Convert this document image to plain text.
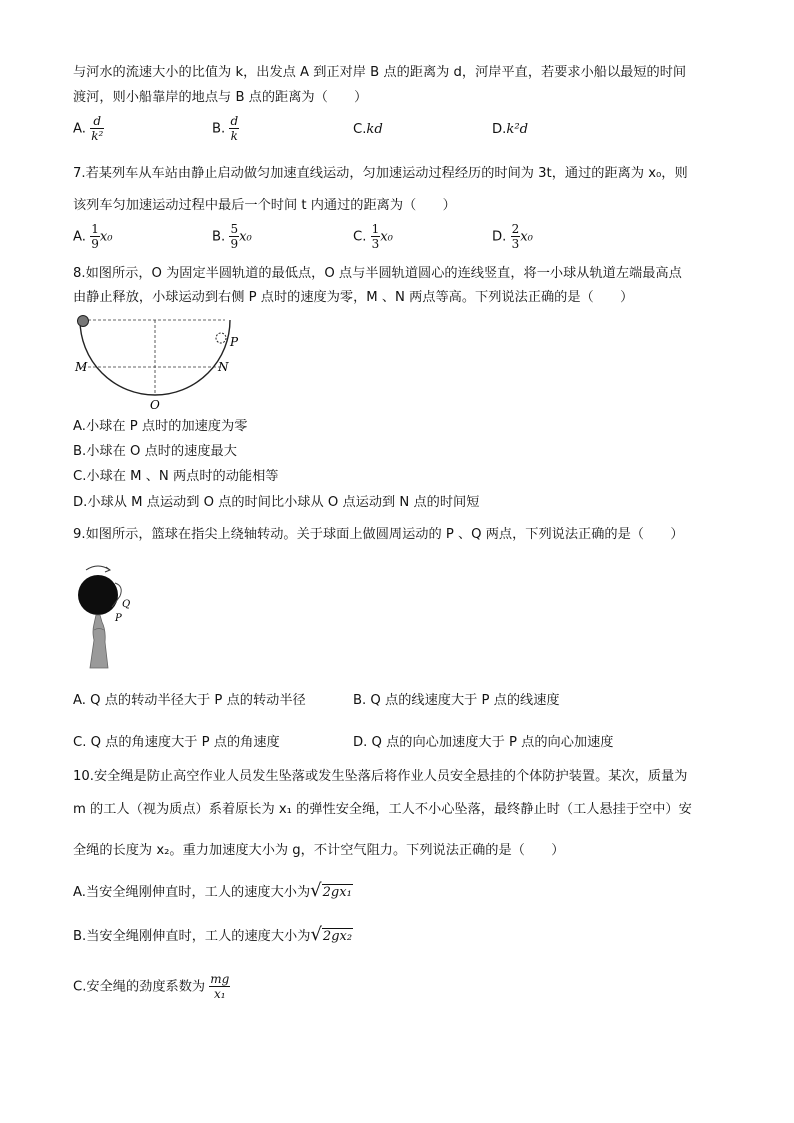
与河水的流速大小的比值为 k，出发点 A 到正对岸 B 点的距离为 d，河岸平直，若要求小船以最短的时间
渡河，则小船靠岸的地点与 B 点的距离为（　　）
A. $\frac{d}{\text{k²}}$	B. $\frac{d}{k}$	C.kd	D.k²d
7.若某列车从车站由静止启动做匀加速直线运动，匀加速运动过程经历的时间为 3t，通过的距离为 x₀，则
该列车匀加速运动过程中最后一个时间 t 内通过的距离为（　　）
A. $\frac{1}{9} x_0$	B. $\frac{5}{9} x_0$	C. $\frac{1}{3} x_0$	D. $\frac{2}{3} x_0$
8.如图所示，O 为固定半圆轨道的最低点，O 点与半圆轨道圆心的连线竖直，将一小球从轨道左端最高点
由静止释放，小球运动到右侧 P 点时的速度为零，M 、N 两点等高。下列说法正确的是（　　）
P
M	N
O
A.小球在 P 点时的加速度为零
B.小球在 O 点时的速度最大
C.小球在 M 、N 两点时的动能相等
D.小球从 M 点运动到 O 点的时间比小球从 O 点运动到 N 点的时间短
9.如图所示，篮球在指尖上绕轴转动。关于球面上做圆周运动的 P 、Q 两点，下列说法正确的是（　　）
Q
P
A. Q 点的转动半径大于 P 点的转动半径	B. Q 点的线速度大于 P 点的线速度
C. Q 点的角速度大于 P 点的角速度	D. Q 点的向心加速度大于 P 点的向心加速度
10.安全绳是防止高空作业人员发生坠落或发生坠落后将作业人员安全悬挂的个体防护装置。某次，质量为
m 的工人（视为质点）系着原长为 x₁ 的弹性安全绳，工人不小心坠落，最终静止时（工人悬挂于空中）安
全绳的长度为 x₂。重力加速度大小为 g，不计空气阻力。下列说法正确的是（　　）
A.当安全绳刚伸直时，工人的速度大小为√2gx₁
B.当安全绳刚伸直时，工人的速度大小为√2gx₂
C.安全绳的劲度系数为 $\frac{mg}{\text{x₁}}$
